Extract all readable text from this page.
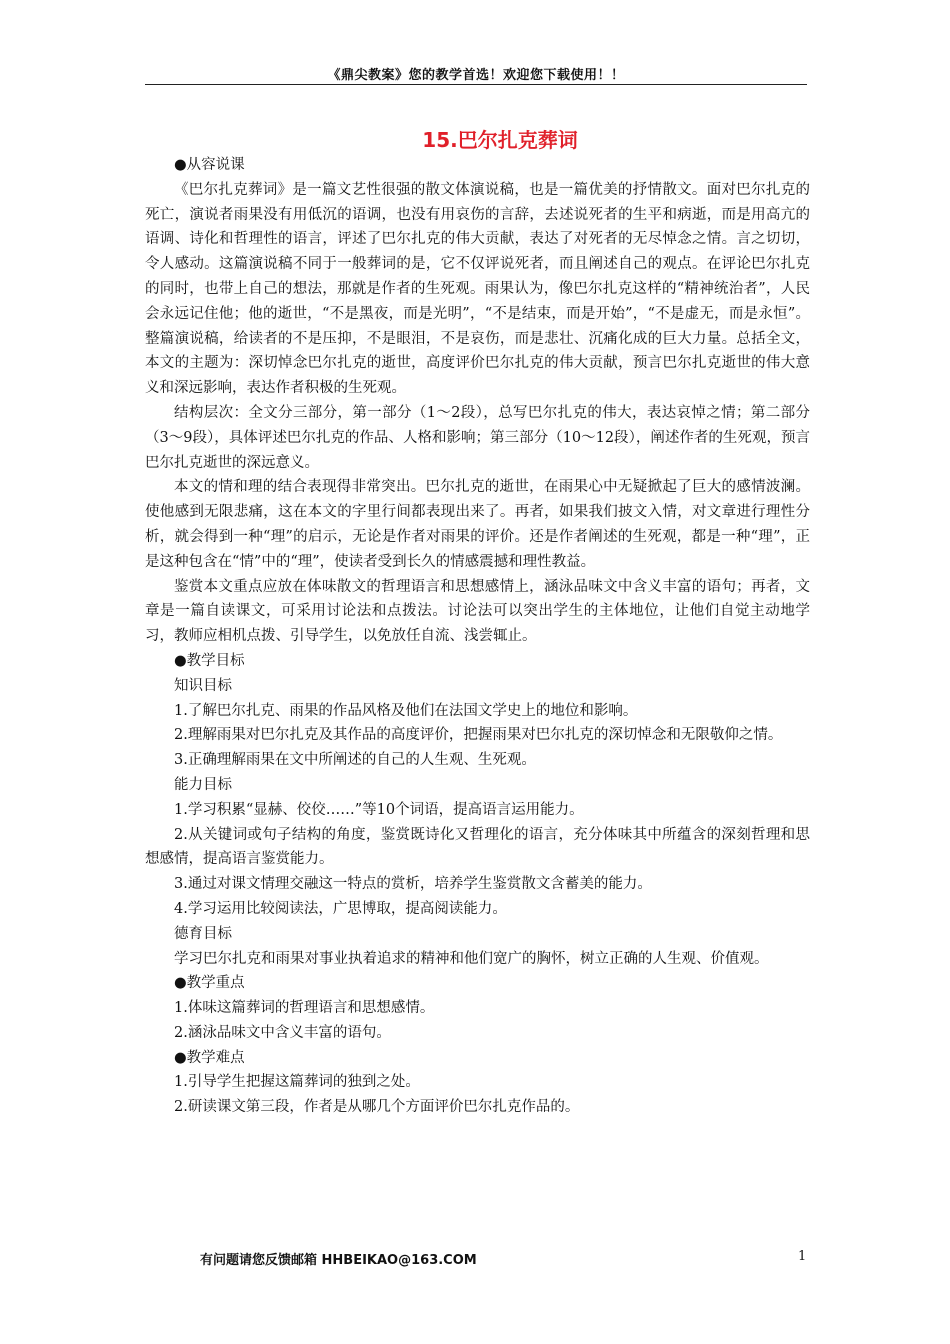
《鼎尖教案》您的教学首选！欢迎您下载使用！！
15.巴尔扎克葬词

●从容说课

《巴尔扎克葬词》是一篇文艺性很强的散文体演说稿，也是一篇优美的抒情散文。面对巴尔扎克的死亡，演说者雨果没有用低沉的语调，也没有用哀伤的言辞，去述说死者的生平和病逝，而是用高亢的语调、诗化和哲理性的语言，评述了巴尔扎克的伟大贡献，表达了对死者的无尽悼念之情。言之切切，令人感动。这篇演说稿不同于一般葬词的是，它不仅评说死者，而且阐述自己的观点。在评论巴尔扎克的同时，也带上自己的想法，那就是作者的生死观。雨果认为，像巴尔扎克这样的“精神统治者”，人民会永远记住他；他的逝世，“不是黑夜，而是光明”，“不是结束，而是开始”，“不是虚无，而是永恒”。整篇演说稿，给读者的不是压抑，不是眼泪，不是哀伤，而是悲壮、沉痛化成的巨大力量。总括全文，本文的主题为：深切悼念巴尔扎克的逝世，高度评价巴尔扎克的伟大贡献，预言巴尔扎克逝世的伟大意义和深远影响，表达作者积极的生死观。

结构层次：全文分三部分，第一部分（1～2段），总写巴尔扎克的伟大，表达哀悼之情；第二部分（3～9段），具体评述巴尔扎克的作品、人格和影响；第三部分（10～12段），阐述作者的生死观，预言巴尔扎克逝世的深远意义。

本文的情和理的结合表现得非常突出。巴尔扎克的逝世，在雨果心中无疑掀起了巨大的感情波澜。使他感到无限悲痛，这在本文的字里行间都表现出来了。再者，如果我们披文入情，对文章进行理性分析，就会得到一种“理”的启示，无论是作者对雨果的评价。还是作者阐述的生死观，都是一种“理”，正是这种包含在“情”中的“理”，使读者受到长久的情感震撼和理性教益。

鉴赏本文重点应放在体味散文的哲理语言和思想感情上，涵泳品味文中含义丰富的语句；再者，文章是一篇自读课文，可采用讨论法和点拨法。讨论法可以突出学生的主体地位，让他们自觉主动地学习，教师应相机点拨、引导学生，以免放任自流、浅尝辄止。

●教学目标

知识目标

1.了解巴尔扎克、雨果的作品风格及他们在法国文学史上的地位和影响。

2.理解雨果对巴尔扎克及其作品的高度评价，把握雨果对巴尔扎克的深切悼念和无限敬仰之情。

3.正确理解雨果在文中所阐述的自己的人生观、生死观。

能力目标

1.学习积累“显赫、佼佼……”等10个词语，提高语言运用能力。

2.从关键词或句子结构的角度，鉴赏既诗化又哲理化的语言，充分体味其中所蕴含的深刻哲理和思想感情，提高语言鉴赏能力。

3.通过对课文情理交融这一特点的赏析，培养学生鉴赏散文含蓄美的能力。

4.学习运用比较阅读法，广思博取，提高阅读能力。

德育目标

学习巴尔扎克和雨果对事业执着追求的精神和他们宽广的胸怀，树立正确的人生观、价值观。

●教学重点

1.体味这篇葬词的哲理语言和思想感情。

2.涵泳品味文中含义丰富的语句。

●教学难点

1.引导学生把握这篇葬词的独到之处。

2.研读课文第三段，作者是从哪几个方面评价巴尔扎克作品的。

有问题请您反馈邮箱 HHBEIKAO@163.COM	1
